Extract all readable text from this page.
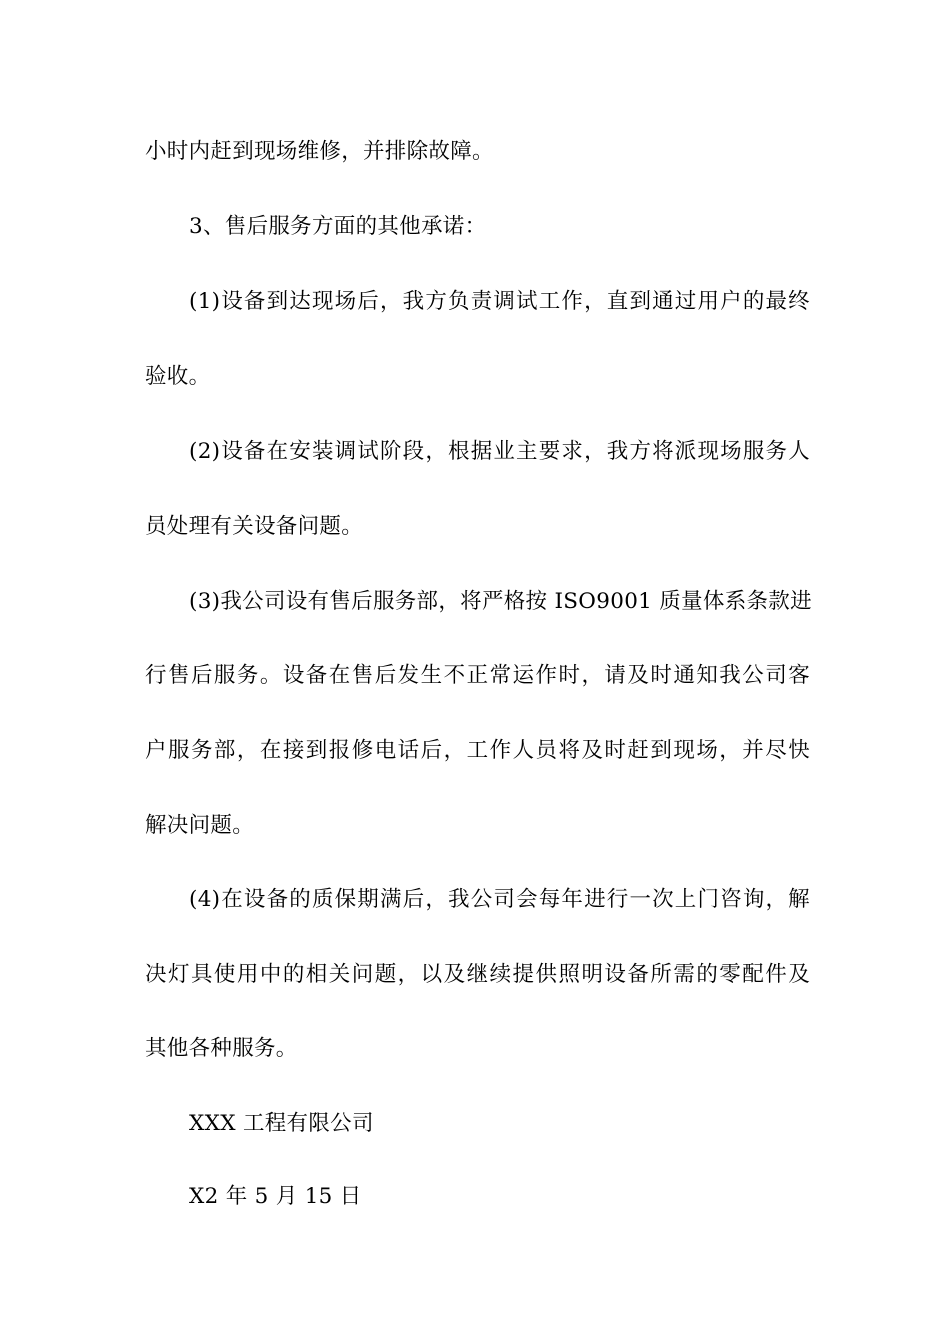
小时内赶到现场维修，并排除故障。
3、售后服务方面的其他承诺：
(1)设备到达现场后，我方负责调试工作，直到通过用户的最终
验收。
(2)设备在安装调试阶段，根据业主要求，我方将派现场服务人
员处理有关设备问题。
(3)我公司设有售后服务部，将严格按 ISO9001 质量体系条款进
行售后服务。设备在售后发生不正常运作时，请及时通知我公司客
户服务部，在接到报修电话后，工作人员将及时赶到现场，并尽快
解决问题。
(4)在设备的质保期满后，我公司会每年进行一次上门咨询，解
决灯具使用中的相关问题，以及继续提供照明设备所需的零配件及
其他各种服务。
XXX 工程有限公司
X2 年 5 月 15 日
